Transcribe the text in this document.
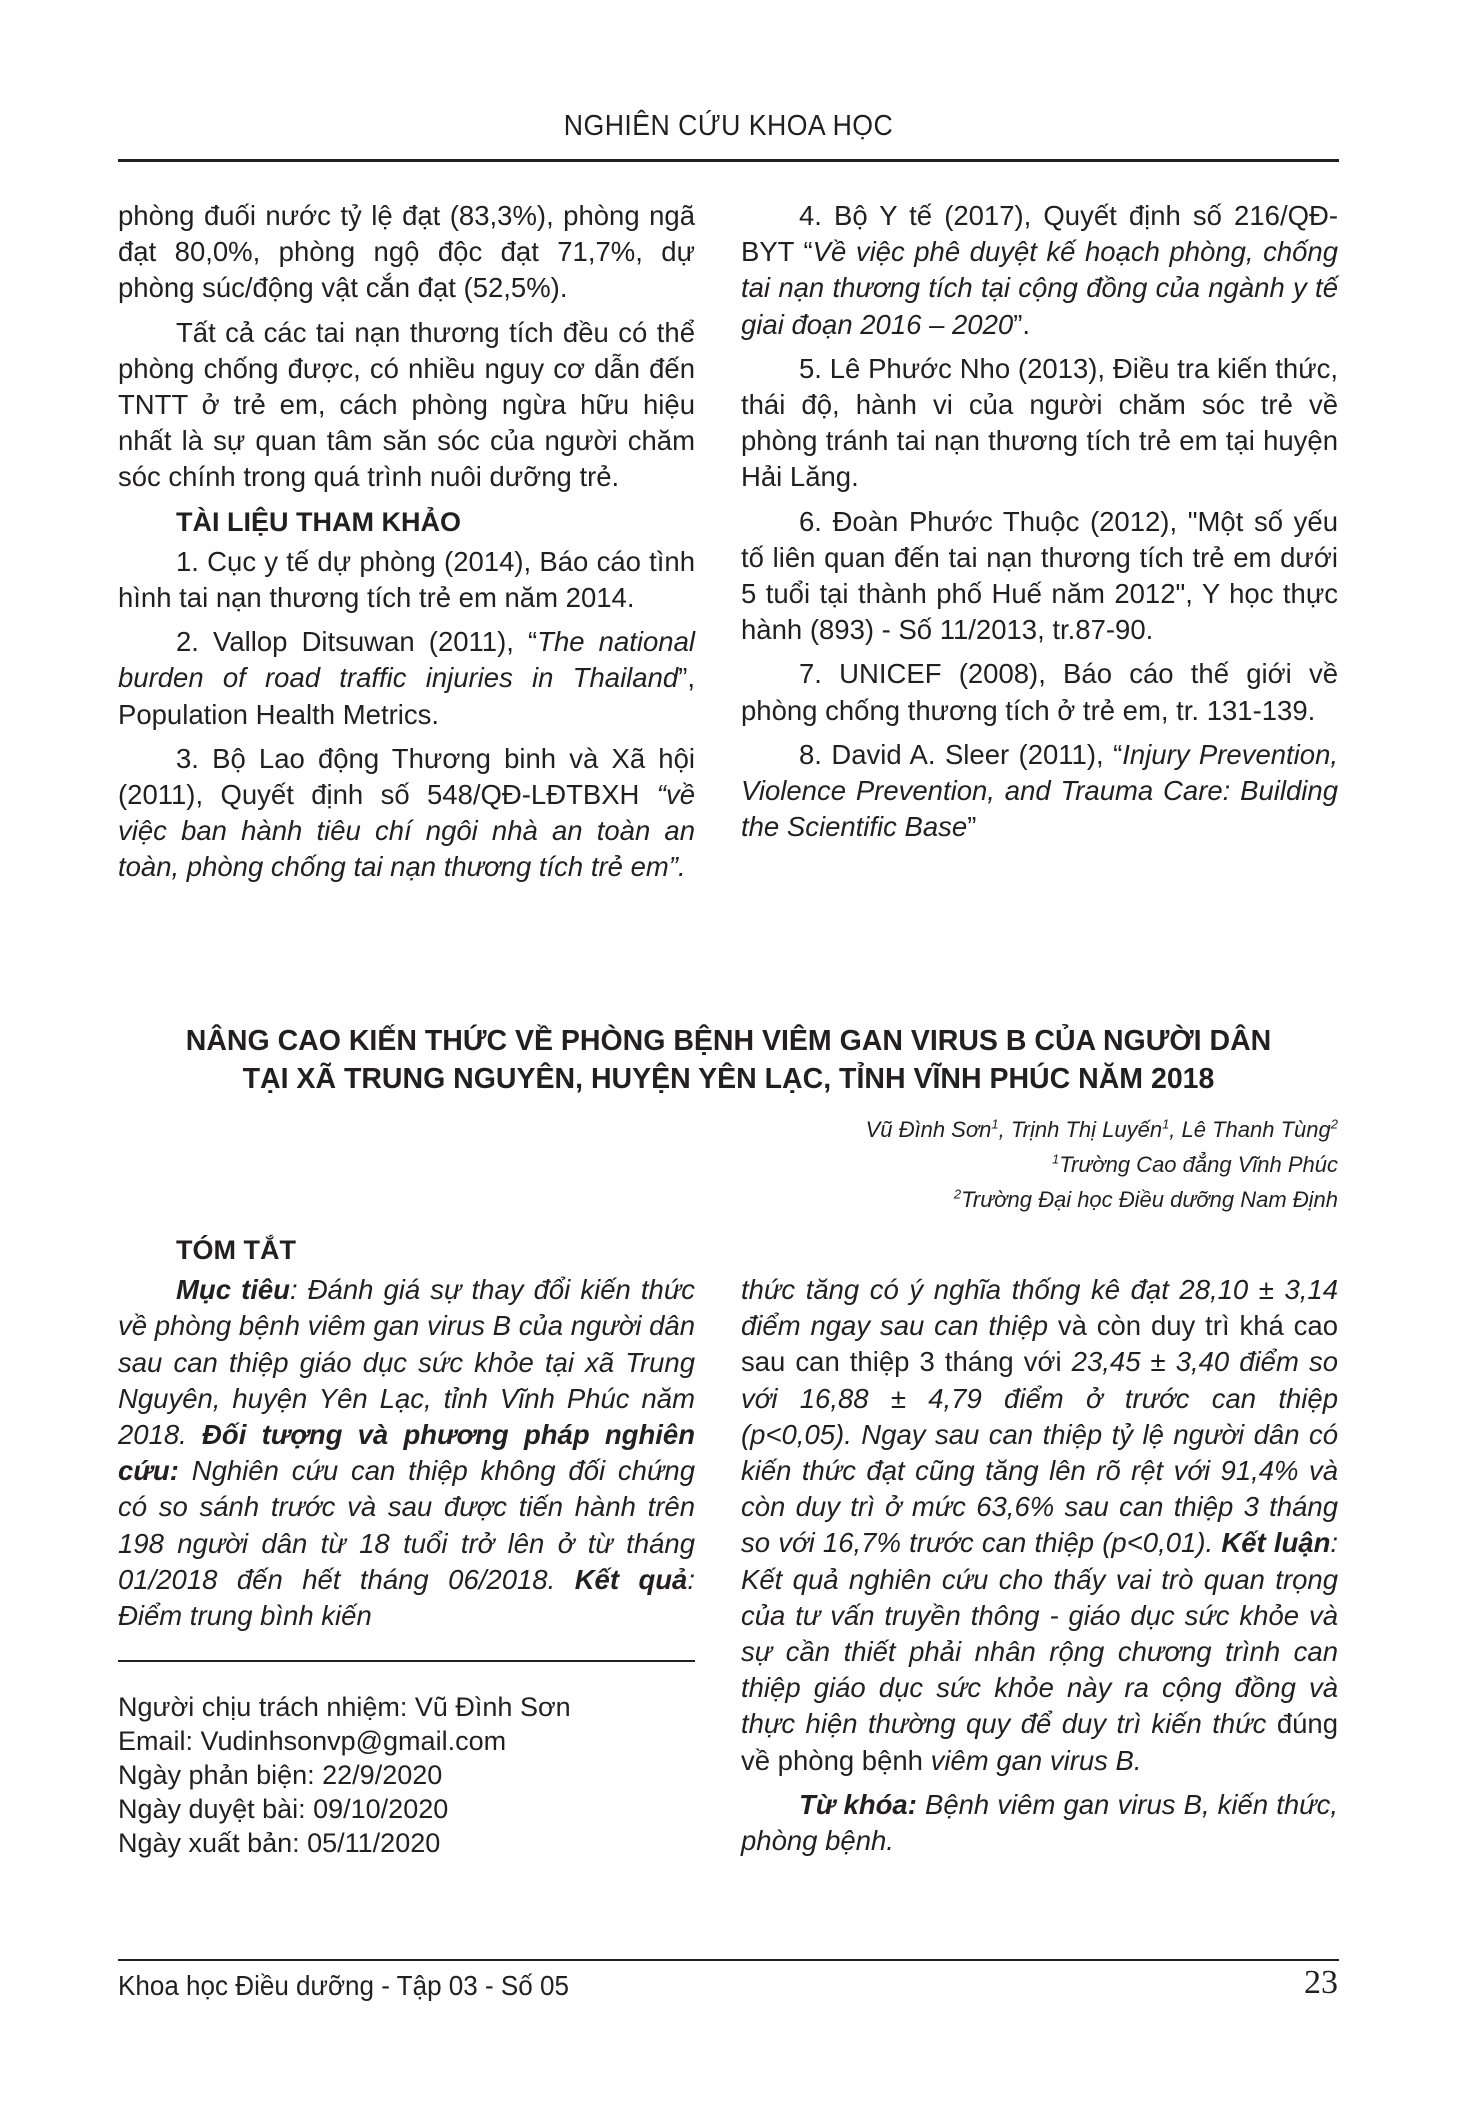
NGHIÊN CỨU KHOA HỌC

phòng đuối nước tỷ lệ đạt (83,3%), phòng ngã đạt 80,0%, phòng ngộ độc đạt 71,7%, dự phòng súc/động vật cắn đạt (52,5%).

Tất cả các tai nạn thương tích đều có thể phòng chống được, có nhiều nguy cơ dẫn đến TNTT ở trẻ em, cách phòng ngừa hữu hiệu nhất là sự quan tâm săn sóc của người chăm sóc chính trong quá trình nuôi dưỡng trẻ.

TÀI LIỆU THAM KHẢO

1. Cục y tế dự phòng (2014), Báo cáo tình hình tai nạn thương tích trẻ em năm 2014.

2. Vallop Ditsuwan (2011), “The national burden of road traffic injuries in Thailand”, Population Health Metrics.

3. Bộ Lao động Thương binh và Xã hội (2011), Quyết định số 548/QĐ-LĐTBXH “về việc ban hành tiêu chí ngôi nhà an toàn an toàn, phòng chống tai nạn thương tích trẻ em”.

4. Bộ Y tế (2017), Quyết định số 216/QĐ-BYT “Về việc phê duyệt kế hoạch phòng, chống tai nạn thương tích tại cộng đồng của ngành y tế giai đoạn 2016 – 2020”.

5. Lê Phước Nho (2013), Điều tra kiến thức, thái độ, hành vi của người chăm sóc trẻ về phòng tránh tai nạn thương tích trẻ em tại huyện Hải Lăng.

6. Đoàn Phước Thuộc (2012), "Một số yếu tố liên quan đến tai nạn thương tích trẻ em dưới 5 tuổi tại thành phố Huế năm 2012", Y học thực hành (893) - Số 11/2013, tr.87-90.

7. UNICEF (2008), Báo cáo thế giới về phòng chống thương tích ở trẻ em, tr. 131-139.

8. David A. Sleer (2011), “Injury Prevention, Violence Prevention, and Trauma Care: Building the Scientific Base”

NÂNG CAO KIẾN THỨC VỀ PHÒNG BỆNH VIÊM GAN VIRUS B CỦA NGƯỜI DÂN
TẠI XÃ TRUNG NGUYÊN, HUYỆN YÊN LẠC, TỈNH VĨNH PHÚC NĂM 2018
Vũ Đình Sơn$^1$, Trịnh Thị Luyến$^1$, Lê Thanh Tùng$^2$
$^1$Trường Cao đẳng Vĩnh Phúc
$^2$Trường Đại học Điều dưỡng Nam Định
TÓM TẮT

Mục tiêu: Đánh giá sự thay đổi kiến thức về phòng bệnh viêm gan virus B của người dân sau can thiệp giáo dục sức khỏe tại xã Trung Nguyên, huyện Yên Lạc, tỉnh Vĩnh Phúc năm 2018. Đối tượng và phương pháp nghiên cứu: Nghiên cứu can thiệp không đối chứng có so sánh trước và sau được tiến hành trên 198 người dân từ 18 tuổi trở lên ở từ tháng 01/2018 đến hết tháng 06/2018. Kết quả: Điểm trung bình kiến

Người chịu trách nhiệm: Vũ Đình Sơn
Email: Vudinhsonvp@gmail.com
Ngày phản biện: 22/9/2020
Ngày duyệt bài: 09/10/2020
Ngày xuất bản: 05/11/2020

thức tăng có ý nghĩa thống kê đạt 28,10 ± 3,14 điểm ngay sau can thiệp và còn duy trì khá cao sau can thiệp 3 tháng với 23,45 ± 3,40 điểm so với 16,88 ± 4,79 điểm ở trước can thiệp (p<0,05). Ngay sau can thiệp tỷ lệ người dân có kiến thức đạt cũng tăng lên rõ rệt với 91,4% và còn duy trì ở mức 63,6% sau can thiệp 3 tháng so với 16,7% trước can thiệp (p<0,01). Kết luận: Kết quả nghiên cứu cho thấy vai trò quan trọng của tư vấn truyền thông - giáo dục sức khỏe và sự cần thiết phải nhân rộng chương trình can thiệp giáo dục sức khỏe này ra cộng đồng và thực hiện thường quy để duy trì kiến thức đúng về phòng bệnh viêm gan virus B.

Từ khóa: Bệnh viêm gan virus B, kiến thức, phòng bệnh.

Khoa học Điều dưỡng - Tập 03 - Số 05	23
